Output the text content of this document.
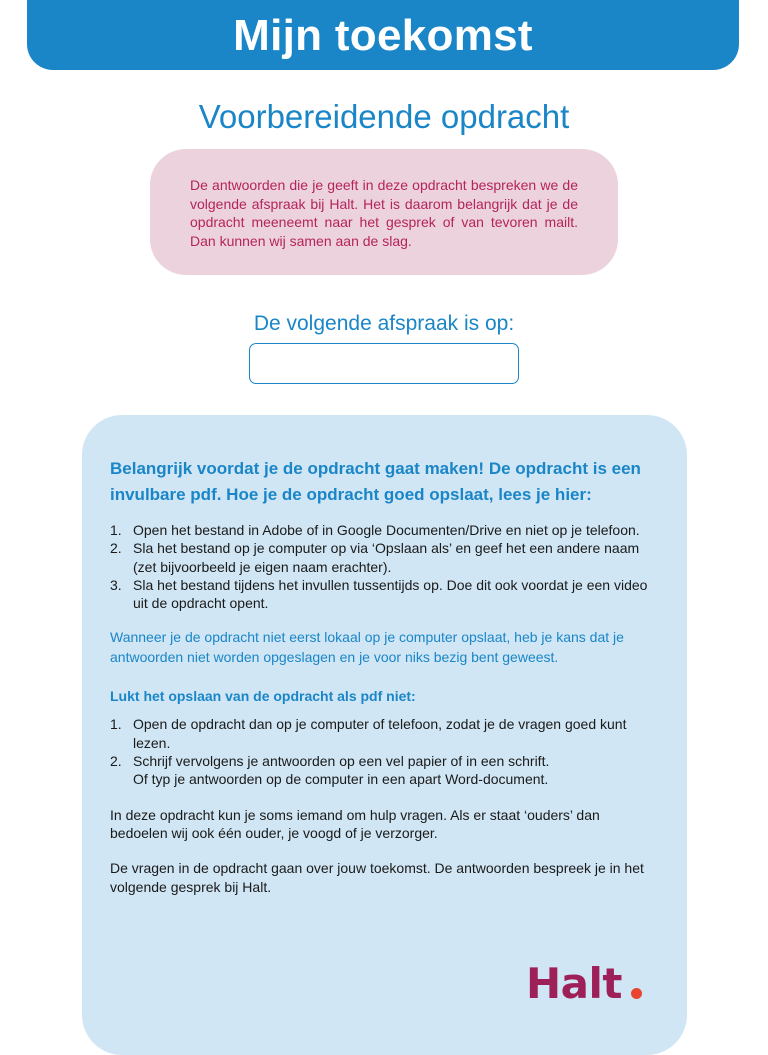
Mijn toekomst
Voorbereidende opdracht
De antwoorden die je geeft in deze opdracht bespreken we de volgende afspraak bij Halt. Het is daarom belangrijk dat je de opdracht meeneemt naar het gesprek of van tevoren mailt. Dan kunnen wij samen aan de slag.
De volgende afspraak is op:

Belangrijk voordat je de opdracht gaat maken! De opdracht is een invulbare pdf. Hoe je de opdracht goed opslaat, lees je hier:

1. Open het bestand in Adobe of in Google Documenten/Drive en niet op je telefoon.
2. Sla het bestand op je computer op via ‘Opslaan als’ en geef het een andere naam (zet bijvoorbeeld je eigen naam erachter).
3. Sla het bestand tijdens het invullen tussentijds op. Doe dit ook voordat je een video uit de opdracht opent.

Wanneer je de opdracht niet eerst lokaal op je computer opslaat, heb je kans dat je antwoorden niet worden opgeslagen en je voor niks bezig bent geweest.

Lukt het opslaan van de opdracht als pdf niet:

1. Open de opdracht dan op je computer of telefoon, zodat je de vragen goed kunt lezen.
2. Schrijf vervolgens je antwoorden op een vel papier of in een schrift.
Of typ je antwoorden op de computer in een apart Word-document.

In deze opdracht kun je soms iemand om hulp vragen. Als er staat ‘ouders’ dan bedoelen wij ook één ouder, je voogd of je verzorger.

De vragen in de opdracht gaan over jouw toekomst. De antwoorden bespreek je in het volgende gesprek bij Halt.

Halt
